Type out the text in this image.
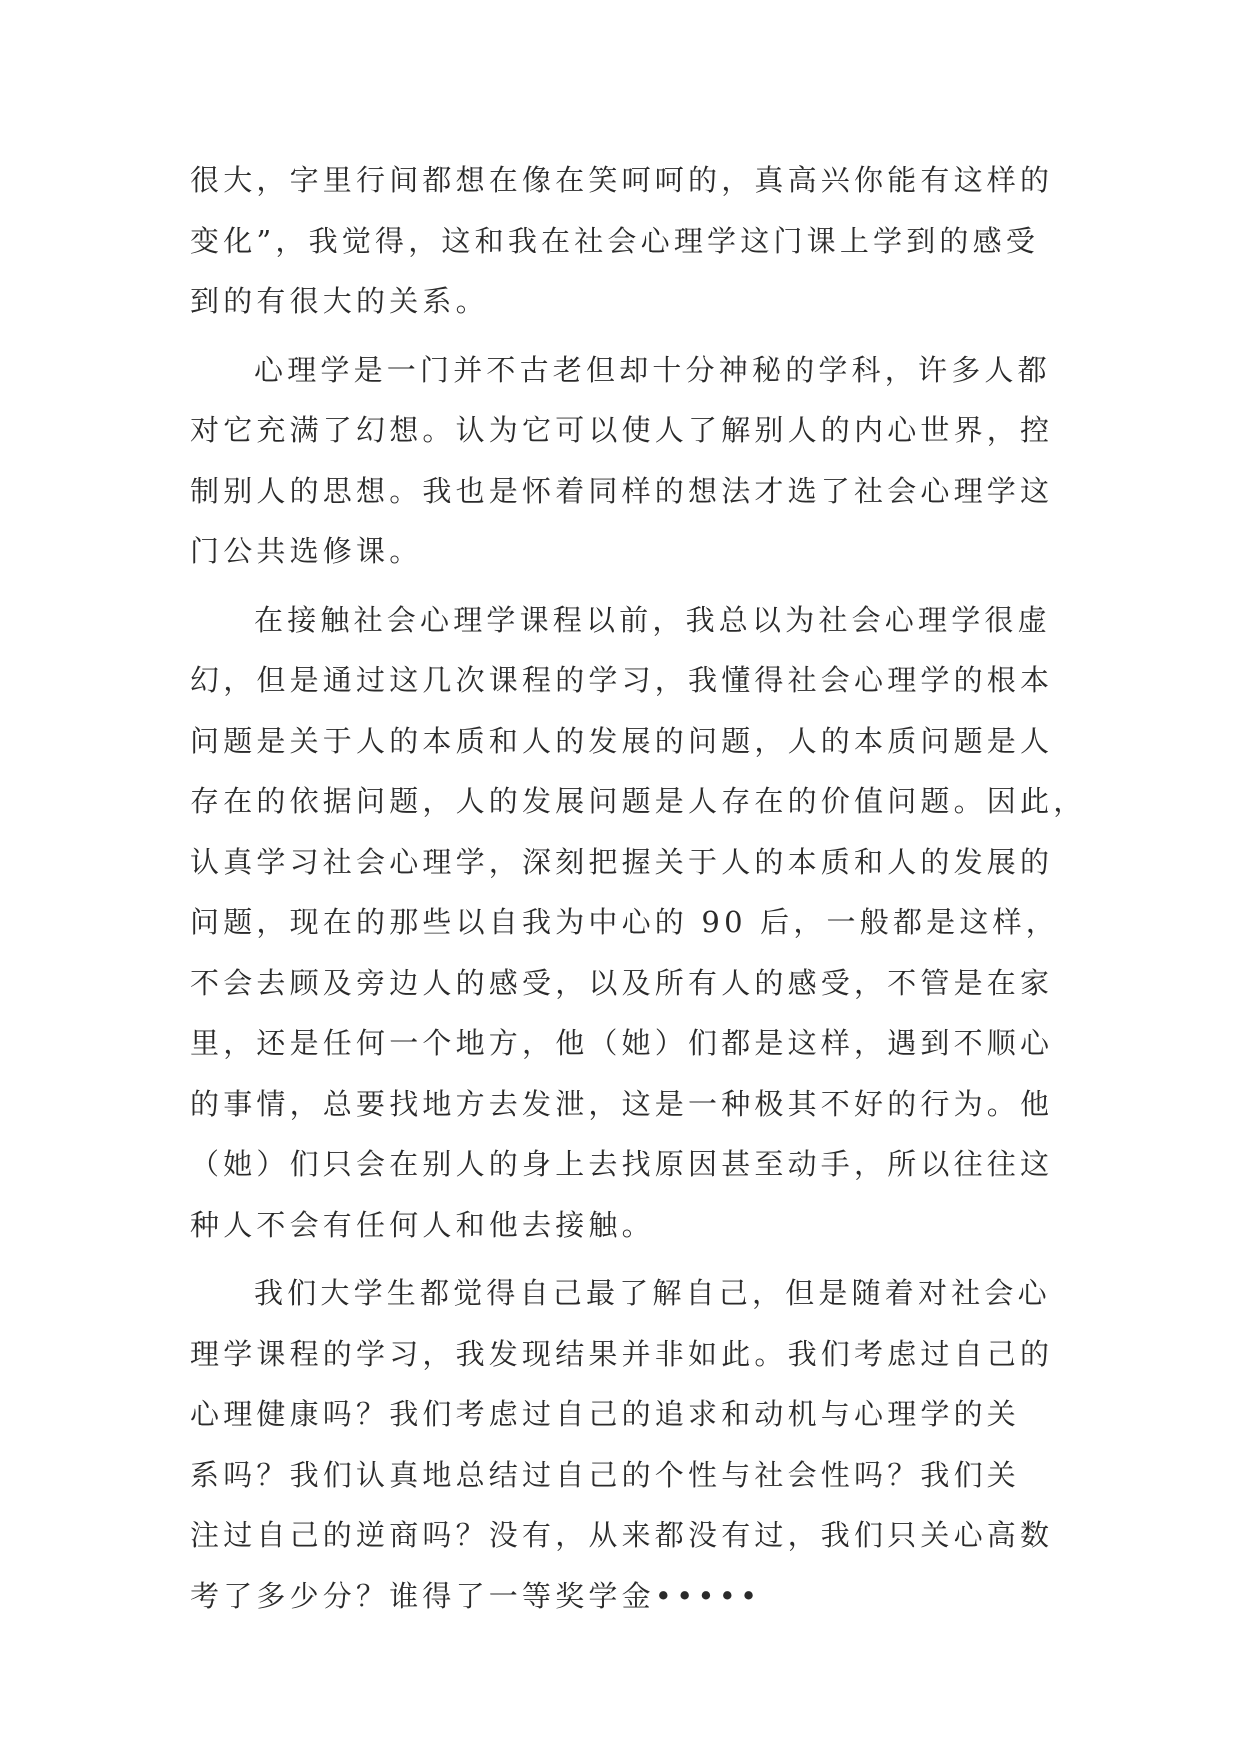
很大，字里行间都想在像在笑呵呵的，真高兴你能有这样的
变化”，我觉得，这和我在社会心理学这门课上学到的感受
到的有很大的关系。
心理学是一门并不古老但却十分神秘的学科，许多人都
对它充满了幻想。认为它可以使人了解别人的内心世界，控
制别人的思想。我也是怀着同样的想法才选了社会心理学这
门公共选修课。
在接触社会心理学课程以前，我总以为社会心理学很虚
幻，但是通过这几次课程的学习，我懂得社会心理学的根本
问题是关于人的本质和人的发展的问题，人的本质问题是人
存在的依据问题，人的发展问题是人存在的价值问题。因此，
认真学习社会心理学，深刻把握关于人的本质和人的发展的
问题，现在的那些以自我为中心的 90 后，一般都是这样，
不会去顾及旁边人的感受，以及所有人的感受，不管是在家
里，还是任何一个地方，他（她）们都是这样，遇到不顺心
的事情，总要找地方去发泄，这是一种极其不好的行为。他
（她）们只会在别人的身上去找原因甚至动手，所以往往这
种人不会有任何人和他去接触。
我们大学生都觉得自己最了解自己，但是随着对社会心
理学课程的学习，我发现结果并非如此。我们考虑过自己的
心理健康吗？我们考虑过自己的追求和动机与心理学的关
系吗？我们认真地总结过自己的个性与社会性吗？我们关
注过自己的逆商吗？没有，从来都没有过，我们只关心高数
考了多少分？谁得了一等奖学金•••••
